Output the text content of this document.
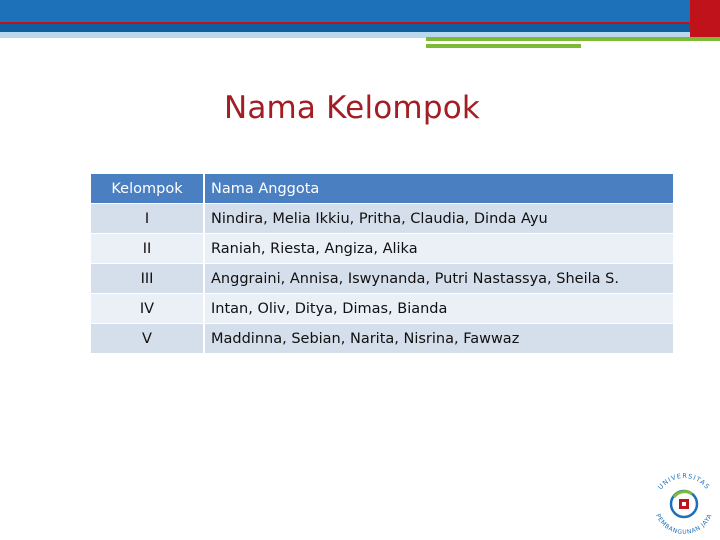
Nama Kelompok
Kelompok	Nama Anggota
I	Nindira, Melia Ikkiu, Pritha, Claudia, Dinda Ayu
II	Raniah, Riesta, Angiza, Alika
III	Anggraini, Annisa, Iswynanda, Putri Nastassya, Sheila S.
IV	Intan, Oliv, Ditya, Dimas, Bianda
V	Maddinna, Sebian, Narita, Nisrina, Fawwaz
UNIVERSITAS
PEMBANGUNAN JAYA
